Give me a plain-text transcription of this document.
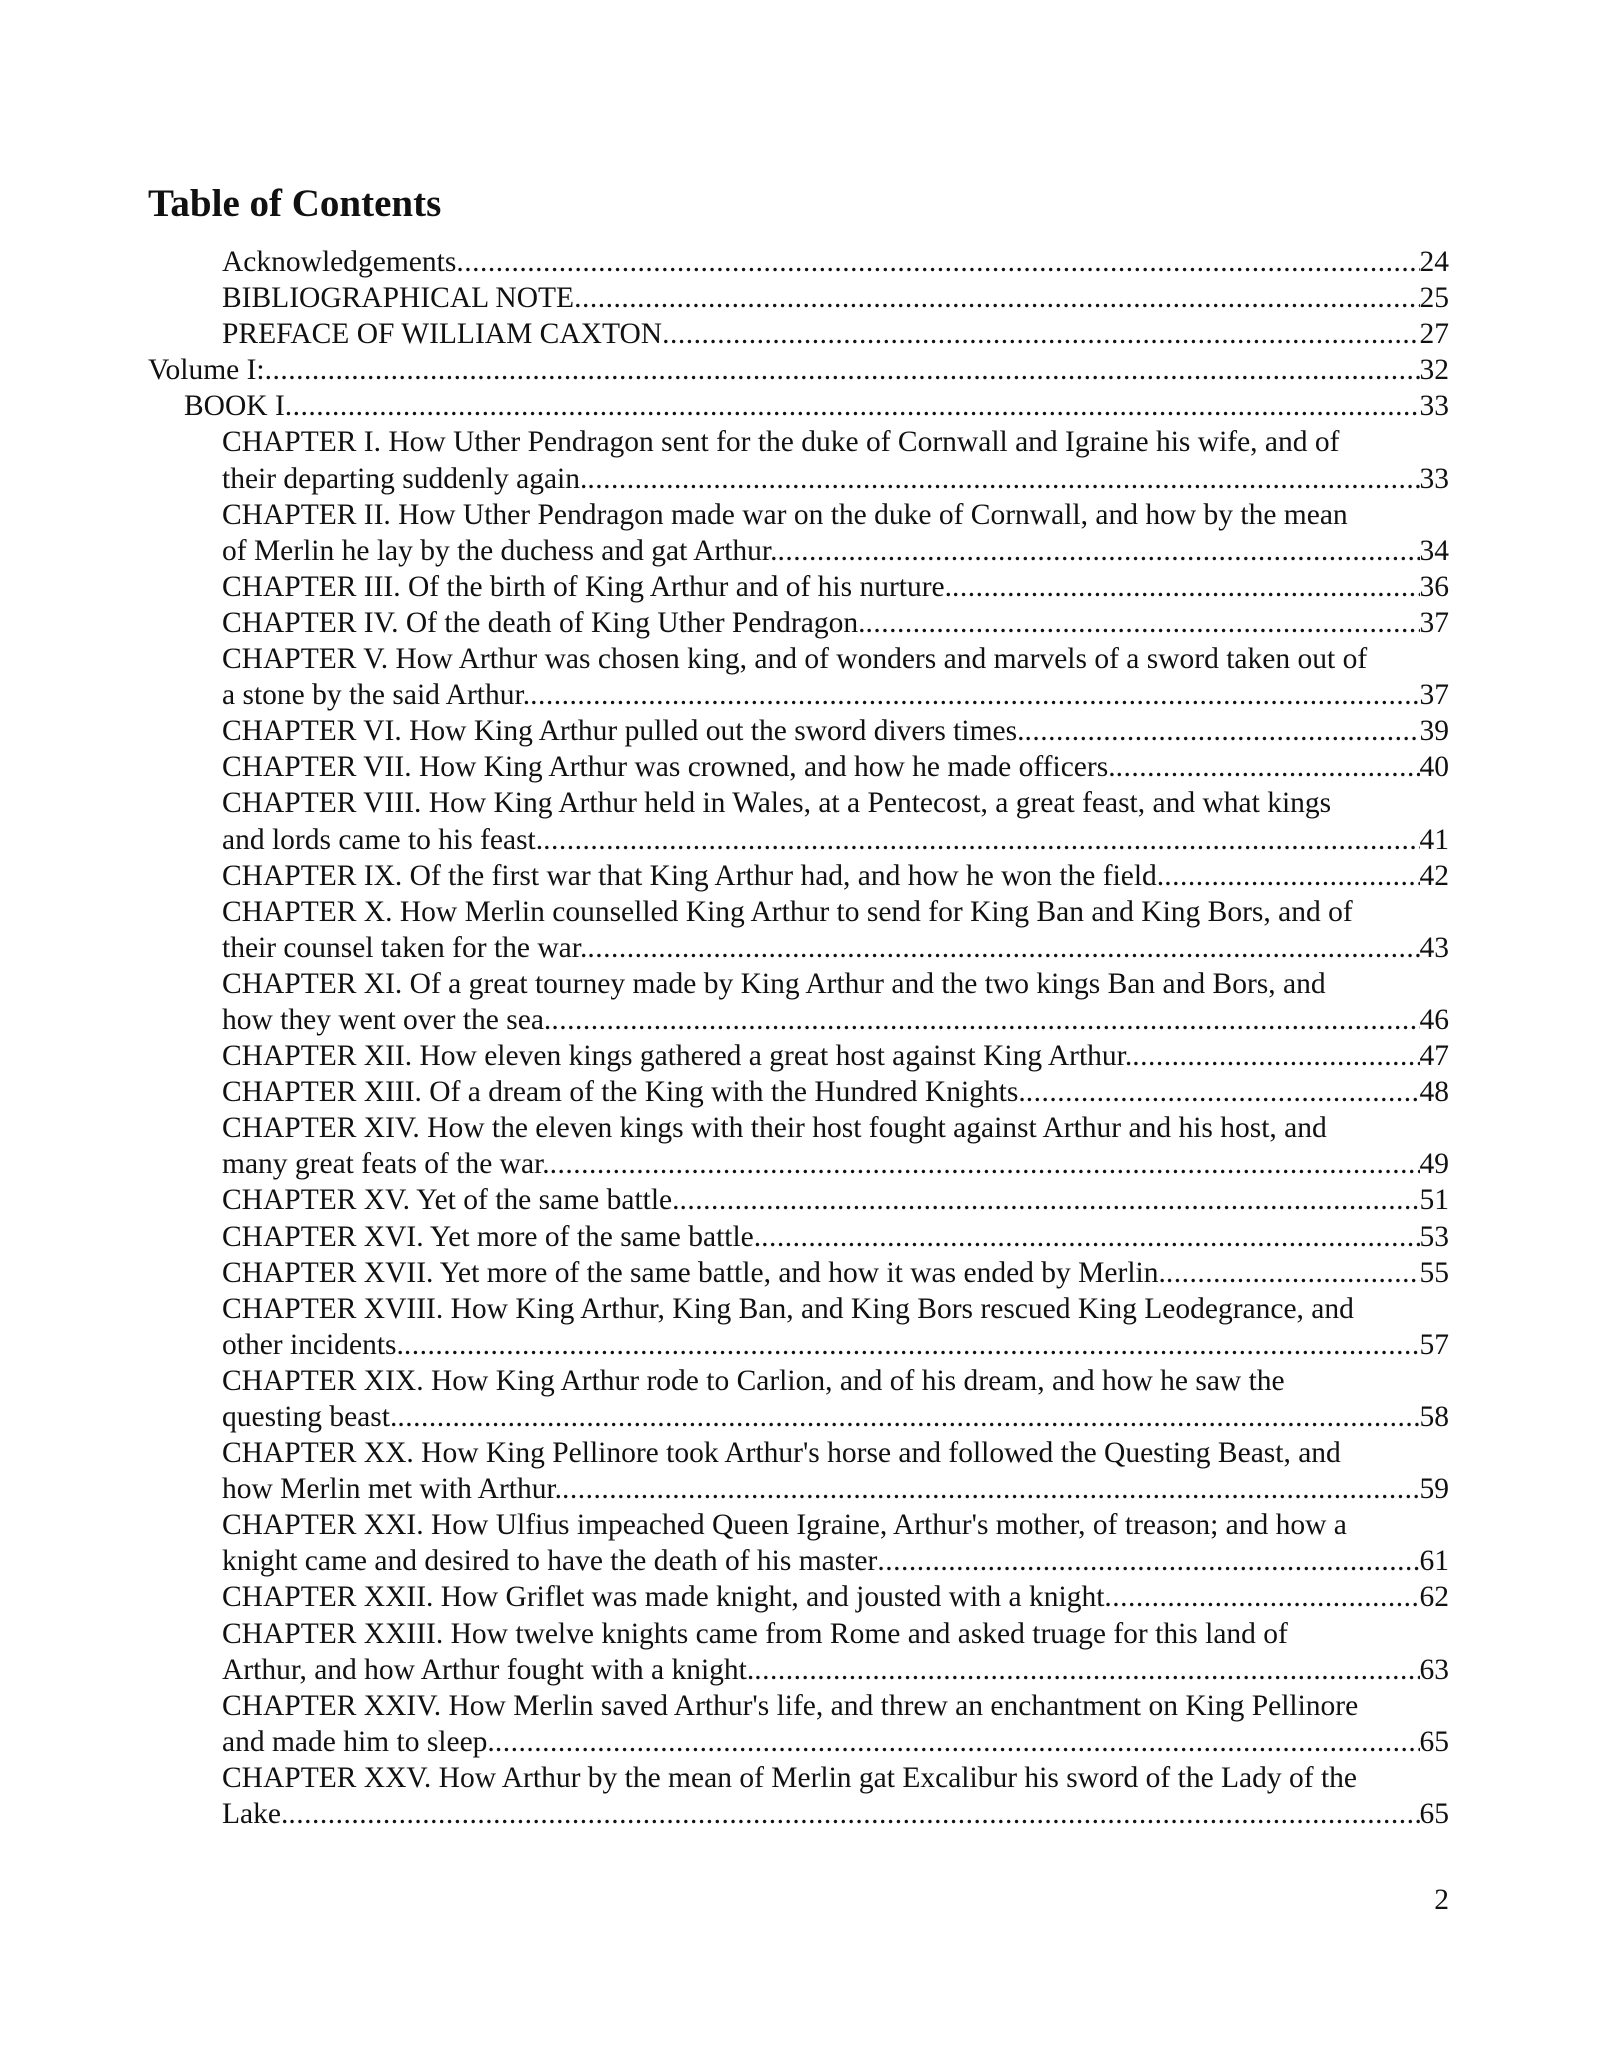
Table of Contents
Acknowledgements .....	24
BIBLIOGRAPHICAL NOTE .....	25
PREFACE OF WILLIAM CAXTON .....	27
Volume I: .....	32
BOOK I .....	33
CHAPTER I. How Uther Pendragon sent for the duke of Cornwall and Igraine his wife, and of
their departing suddenly again. .....	33
CHAPTER II. How Uther Pendragon made war on the duke of Cornwall, and how by the mean
of Merlin he lay by the duchess and gat Arthur. .....	34
CHAPTER III. Of the birth of King Arthur and of his nurture. .....	36
CHAPTER IV. Of the death of King Uther Pendragon. .....	37
CHAPTER V. How Arthur was chosen king, and of wonders and marvels of a sword taken out of
a stone by the said Arthur. .....	37
CHAPTER VI. How King Arthur pulled out the sword divers times. .....	39
CHAPTER VII. How King Arthur was crowned, and how he made officers. .....	40
CHAPTER VIII. How King Arthur held in Wales, at a Pentecost, a great feast, and what kings
and lords came to his feast. .....	41
CHAPTER IX. Of the first war that King Arthur had, and how he won the field. .....	42
CHAPTER X. How Merlin counselled King Arthur to send for King Ban and King Bors, and of
their counsel taken for the war. .....	43
CHAPTER XI. Of a great tourney made by King Arthur and the two kings Ban and Bors, and
how they went over the sea. .....	46
CHAPTER XII. How eleven kings gathered a great host against King Arthur. .....	47
CHAPTER XIII. Of a dream of the King with the Hundred Knights. .....	48
CHAPTER XIV. How the eleven kings with their host fought against Arthur and his host, and
many great feats of the war. .....	49
CHAPTER XV. Yet of the same battle. .....	51
CHAPTER XVI. Yet more of the same battle. .....	53
CHAPTER XVII. Yet more of the same battle, and how it was ended by Merlin. .....	55
CHAPTER XVIII. How King Arthur, King Ban, and King Bors rescued King Leodegrance, and
other incidents. .....	57
CHAPTER XIX. How King Arthur rode to Carlion, and of his dream, and how he saw the
questing beast. .....	58
CHAPTER XX. How King Pellinore took Arthur's horse and followed the Questing Beast, and
how Merlin met with Arthur. .....	59
CHAPTER XXI. How Ulfius impeached Queen Igraine, Arthur's mother, of treason; and how a
knight came and desired to have the death of his master .....	61
CHAPTER XXII. How Griflet was made knight, and jousted with a knight .....	62
CHAPTER XXIII. How twelve knights came from Rome and asked truage for this land of
Arthur, and how Arthur fought with a knight. .....	63
CHAPTER XXIV. How Merlin saved Arthur's life, and threw an enchantment on King Pellinore
and made him to sleep. .....	65
CHAPTER XXV. How Arthur by the mean of Merlin gat Excalibur his sword of the Lady of the
Lake. .....	65
2
